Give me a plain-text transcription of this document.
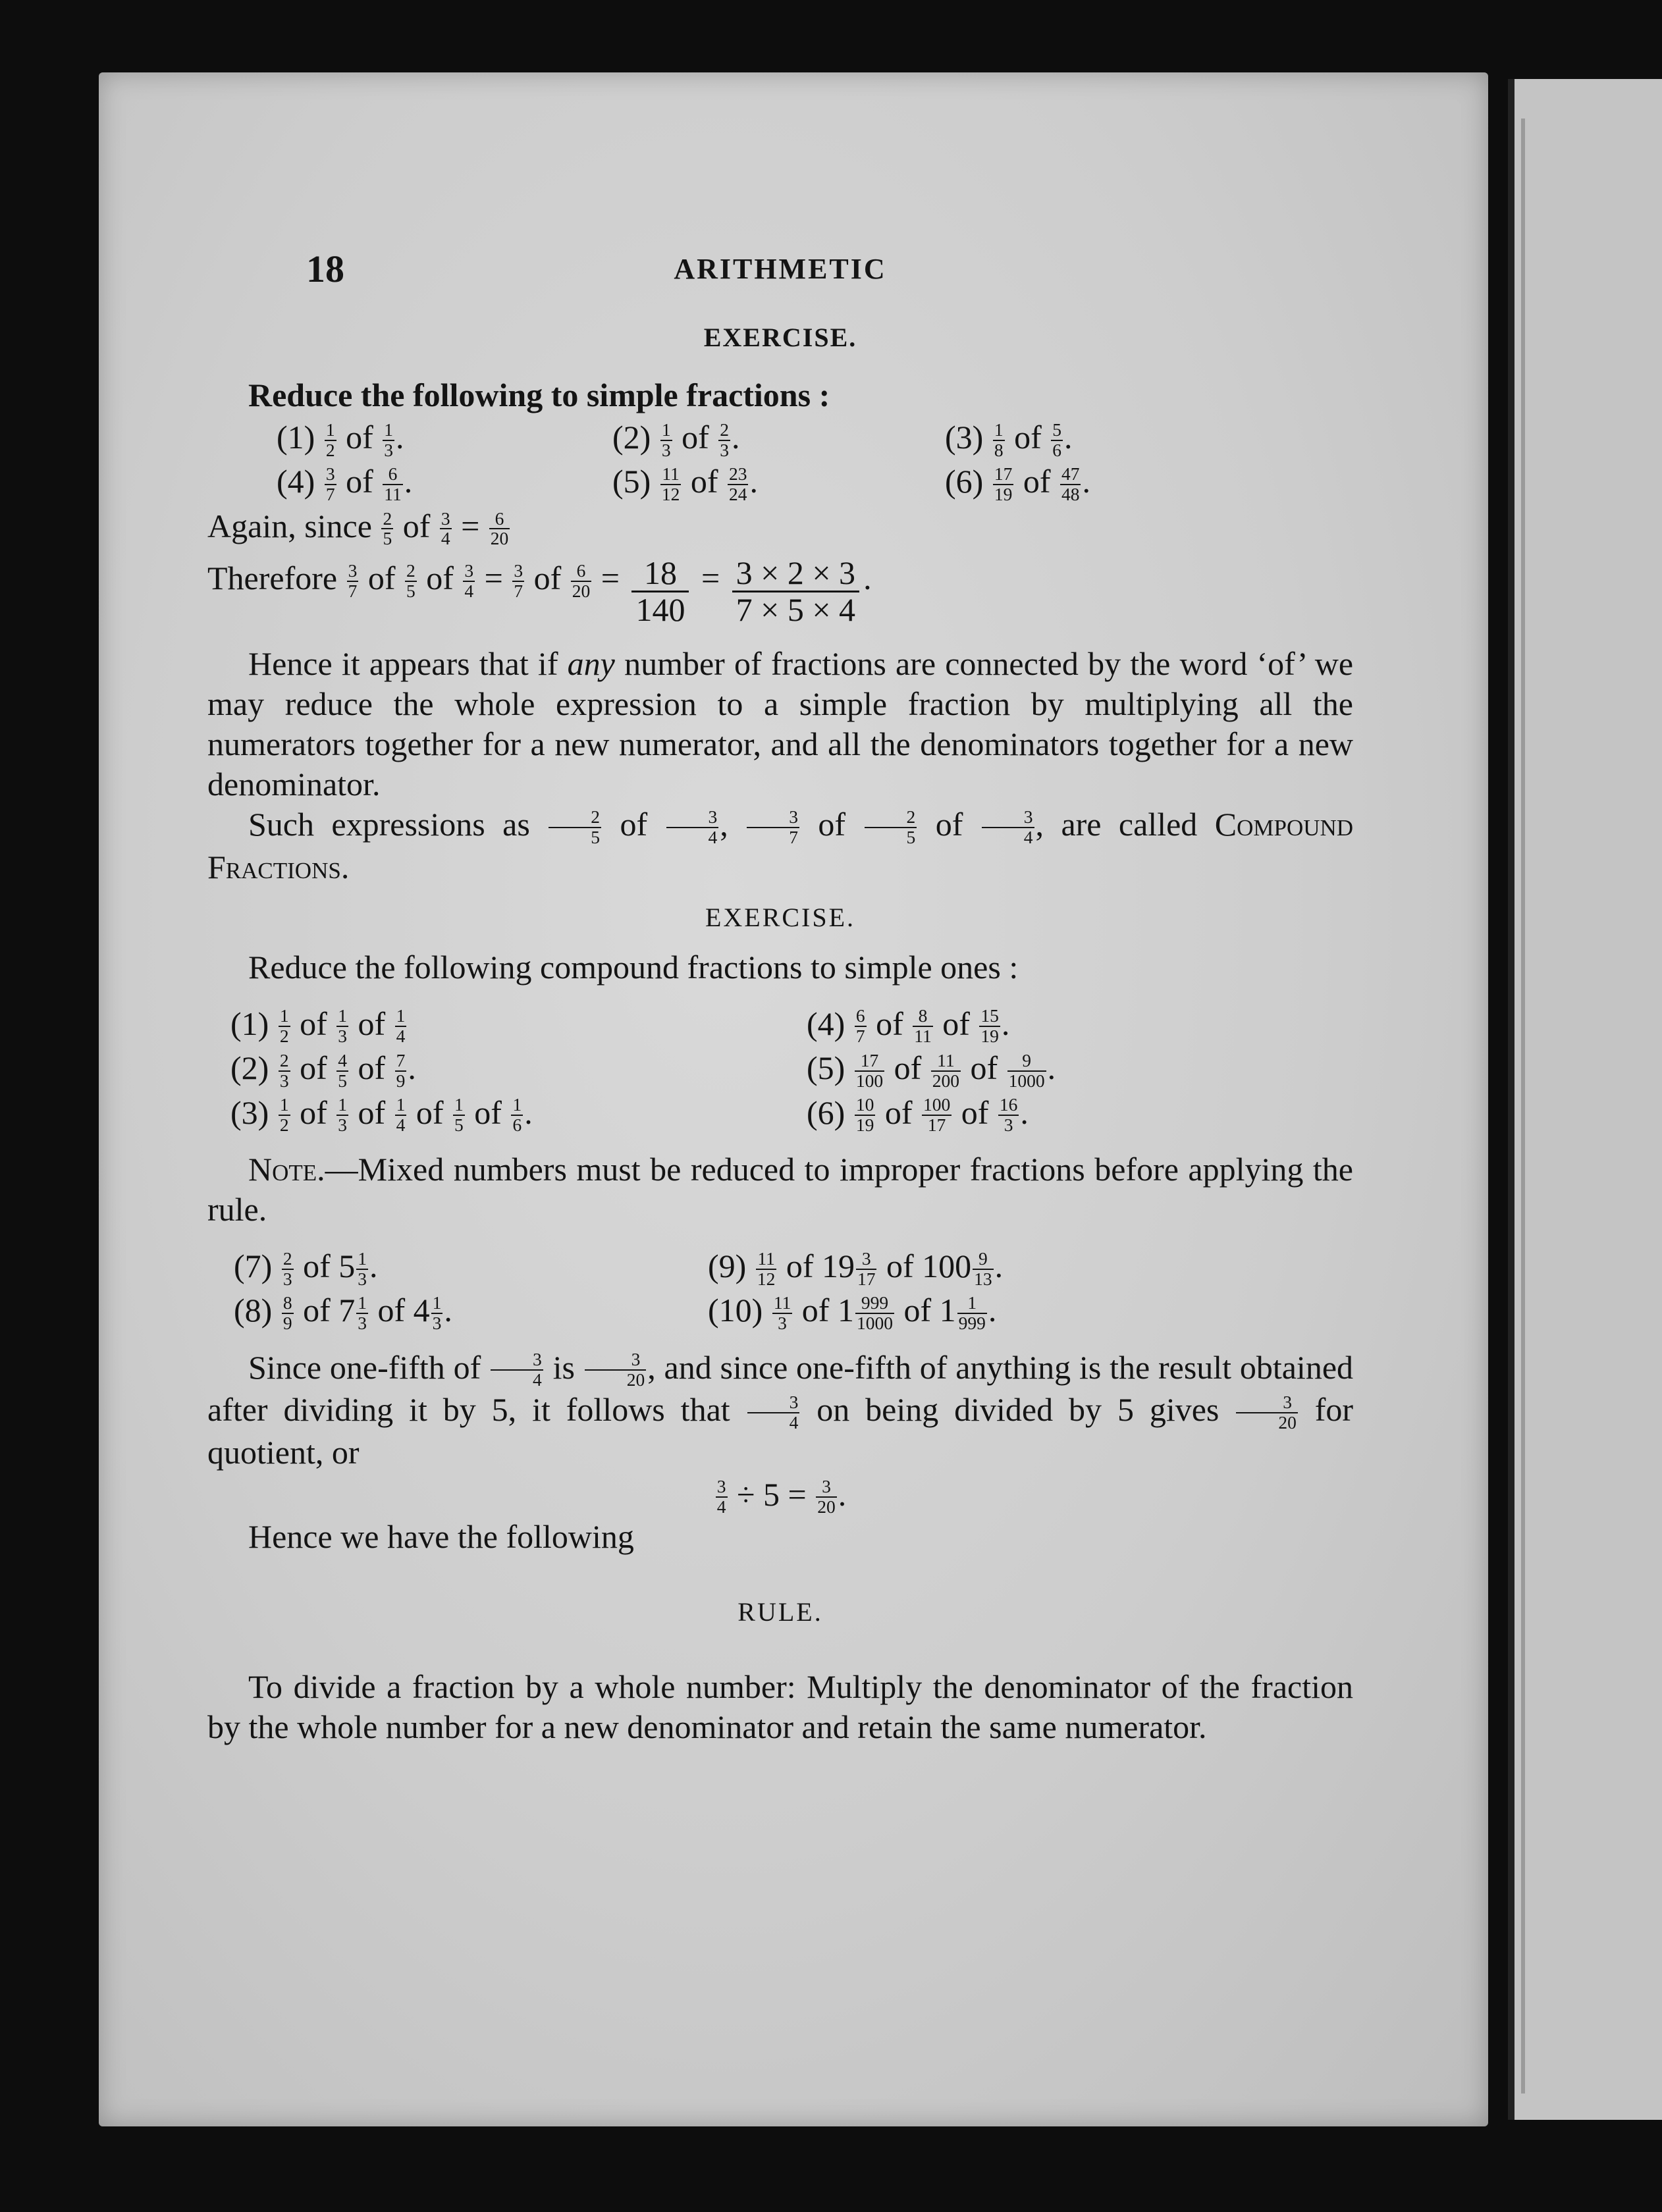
18	ARITHMETIC

EXERCISE.

Reduce the following to simple fractions :

$(1) \frac{1}{2}$ of $\frac{1}{3}$ .	$(2) \frac{1}{3}$ of $\frac{2}{3}$ .	$(3) \frac{1}{8}$ of $\frac{5}{6}$ .
$(4) \frac{3}{7}$ of $\frac{6}{11}$ .	$(5) \frac{11}{12}$ of $\frac{23}{24}$ .	$(6) \frac{17}{19}$ of $\frac{47}{48}$ .
Again, since $\frac{2}{5}$ of $\frac{3}{4} = \frac{6}{20}$
Therefore $\frac{3}{7}$ of $\frac{2}{5}$ of $\frac{3}{4} = \frac{3}{7}$ of $\frac{6}{20} = \frac{18}{140} = \frac{3 \times 2 \times 3}{7 \times 5 \times 4}$ .

Hence it appears that if any number of fractions are connected by the word ‘of’ we may reduce the whole expression to a simple fraction by multiplying all the numerators together for a new numerator, and all the denominators together for a new denominator.

Such expressions as $\frac{2}{5}$ of $\frac{3}{4}$ , $\frac{3}{7}$ of $\frac{2}{5}$ of $\frac{3}{4}$ , are called Compound Fractions.

EXERCISE.

Reduce the following compound fractions to simple ones :

$(1) \frac{1}{2}$ of $\frac{1}{3}$ of $\frac{1}{4}$	$(4) \frac{6}{7}$ of $\frac{8}{11}$ of $\frac{15}{19}$ .
$(2) \frac{2}{3}$ of $\frac{4}{5}$ of $\frac{7}{9}$ .	$(5) \frac{17}{100}$ of $\frac{11}{200}$ of $\frac{9}{1000}$ .
$(3) \frac{1}{2}$ of $\frac{1}{3}$ of $\frac{1}{4}$ of $\frac{1}{5}$ of $\frac{1}{6}$ .	$(6) \frac{10}{19}$ of $\frac{100}{17}$ of $\frac{16}{3}$ .

Note.—Mixed numbers must be reduced to improper fractions before applying the rule.

$(7) \frac{2}{3}$ of $5 \frac{1}{3}$ .	$(9) \frac{11}{12}$ of $19 \frac{3}{17}$ of $100 \frac{9}{13}$ .
$(8) \frac{8}{9}$ of $7 \frac{1}{3}$ of $4 \frac{1}{3}$ .	$(10) \frac{11}{3}$ of $1 \frac{999}{1000}$ of $1 \frac{1}{999}$ .

Since one-fifth of $\frac{3}{4}$ is $\frac{3}{20}$ , and since one-fifth of anything is the result obtained after dividing it by 5, it follows that $\frac{3}{4}$ on being divided by 5 gives $\frac{3}{20}$ for quotient, or

$\frac{3}{4} \div 5 = \frac{3}{20}$ .

Hence we have the following

RULE.

To divide a fraction by a whole number: Multiply the denominator of the fraction by the whole number for a new denominator and retain the same numerator.
